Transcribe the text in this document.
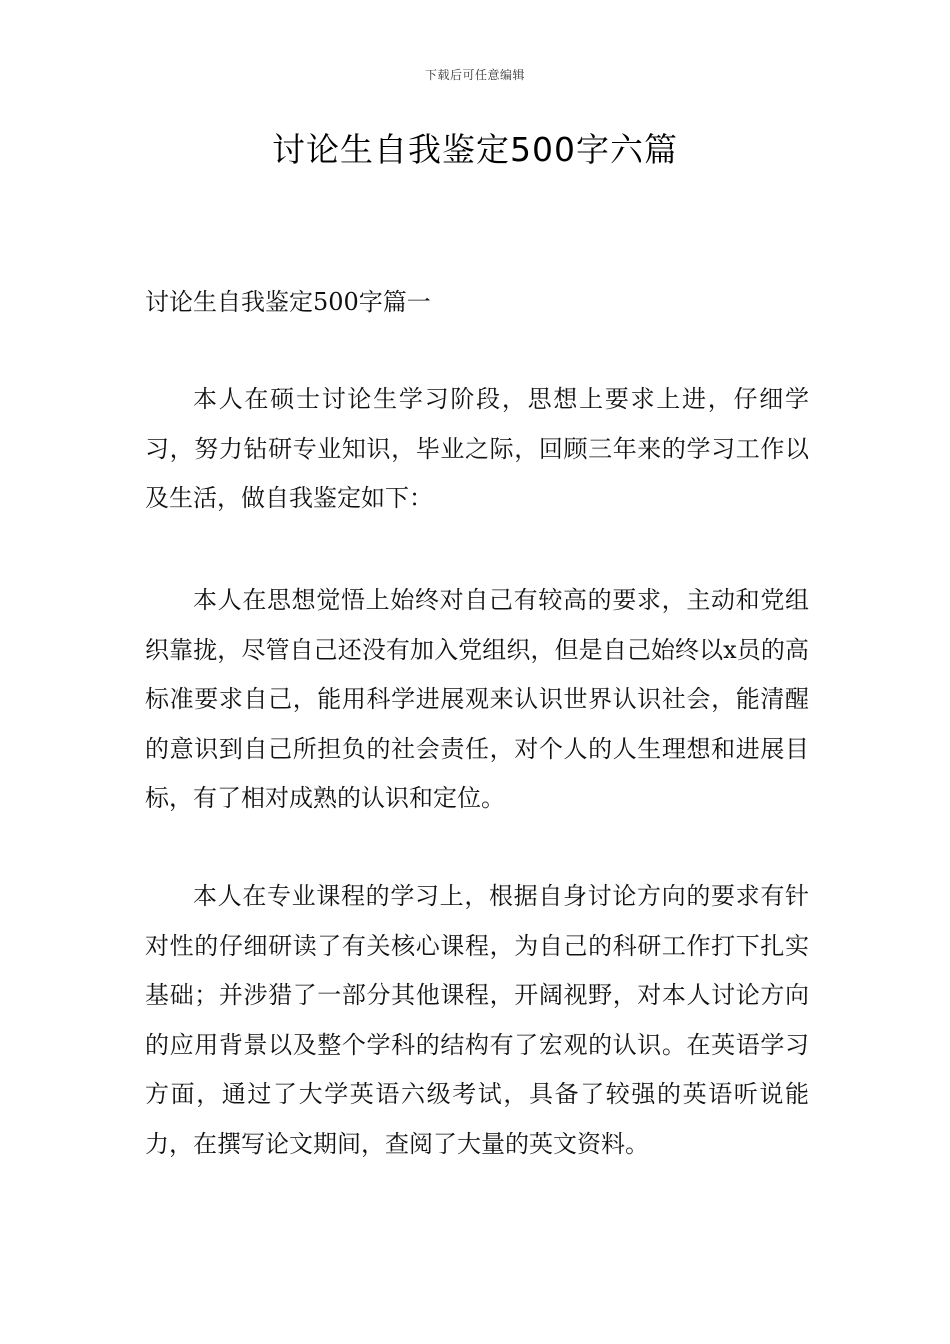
下载后可任意编辑
讨论生自我鉴定500字六篇
讨论生自我鉴定500字篇一

本人在硕士讨论生学习阶段，思想上要求上进，仔细学习，努力钻研专业知识，毕业之际，回顾三年来的学习工作以及生活，做自我鉴定如下：

本人在思想觉悟上始终对自己有较高的要求，主动和党组织靠拢，尽管自己还没有加入党组织，但是自己始终以x员的高标准要求自己，能用科学进展观来认识世界认识社会，能清醒的意识到自己所担负的社会责任，对个人的人生理想和进展目标，有了相对成熟的认识和定位。

本人在专业课程的学习上，根据自身讨论方向的要求有针对性的仔细研读了有关核心课程，为自己的科研工作打下扎实基础；并涉猎了一部分其他课程，开阔视野，对本人讨论方向的应用背景以及整个学科的结构有了宏观的认识。在英语学习方面，通过了大学英语六级考试，具备了较强的英语听说能力，在撰写论文期间，查阅了大量的英文资料。
